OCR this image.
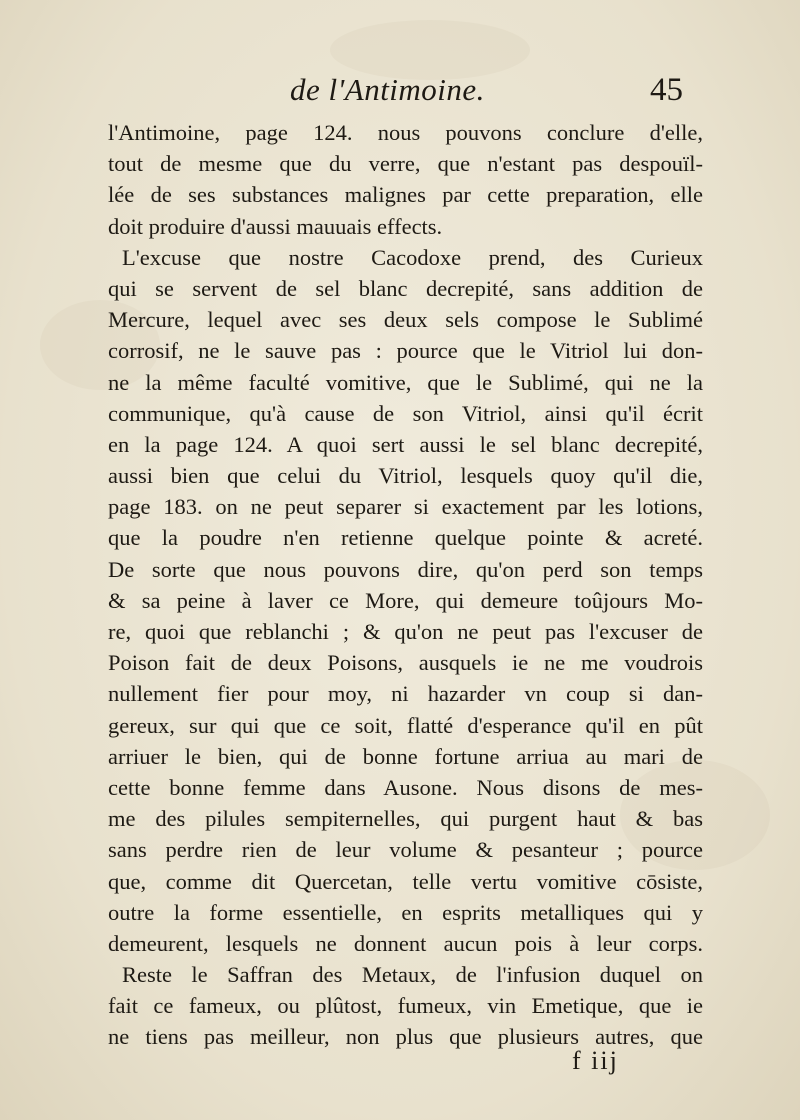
de l'Antimoine.	45
l'Antimoine, page 124. nous pouvons conclure d'elle,
tout de mesme que du verre, que n'estant pas despouïl-
lée de ses substances malignes par cette preparation, elle
doit produire d'aussi mauuais effects.
L'excuse que nostre Cacodoxe prend, des Curieux
qui se servent de sel blanc decrepité, sans addition de
Mercure, lequel avec ses deux sels compose le Sublimé
corrosif, ne le sauve pas : pource que le Vitriol lui don-
ne la même faculté vomitive, que le Sublimé, qui ne la
communique, qu'à cause de son Vitriol, ainsi qu'il écrit
en la page 124. A quoi sert aussi le sel blanc decrepité,
aussi bien que celui du Vitriol, lesquels quoy qu'il die,
page 183. on ne peut separer si exactement par les lotions,
que la poudre n'en retienne quelque pointe & acreté.
De sorte que nous pouvons dire, qu'on perd son temps
& sa peine à laver ce More, qui demeure toûjours Mo-
re, quoi que reblanchi ; & qu'on ne peut pas l'excuser de
Poison fait de deux Poisons, ausquels ie ne me voudrois
nullement fier pour moy, ni hazarder vn coup si dan-
gereux, sur qui que ce soit, flatté d'esperance qu'il en pût
arriuer le bien, qui de bonne fortune arriua au mari de
cette bonne femme dans Ausone. Nous disons de mes-
me des pilules sempiternelles, qui purgent haut & bas
sans perdre rien de leur volume & pesanteur ; pource
que, comme dit Quercetan, telle vertu vomitive cōsiste,
outre la forme essentielle, en esprits metalliques qui y
demeurent, lesquels ne donnent aucun pois à leur corps.
Reste le Saffran des Metaux, de l'infusion duquel on
fait ce fameux, ou plûtost, fumeux, vin Emetique, que ie
ne tiens pas meilleur, non plus que plusieurs autres, que
f iij
